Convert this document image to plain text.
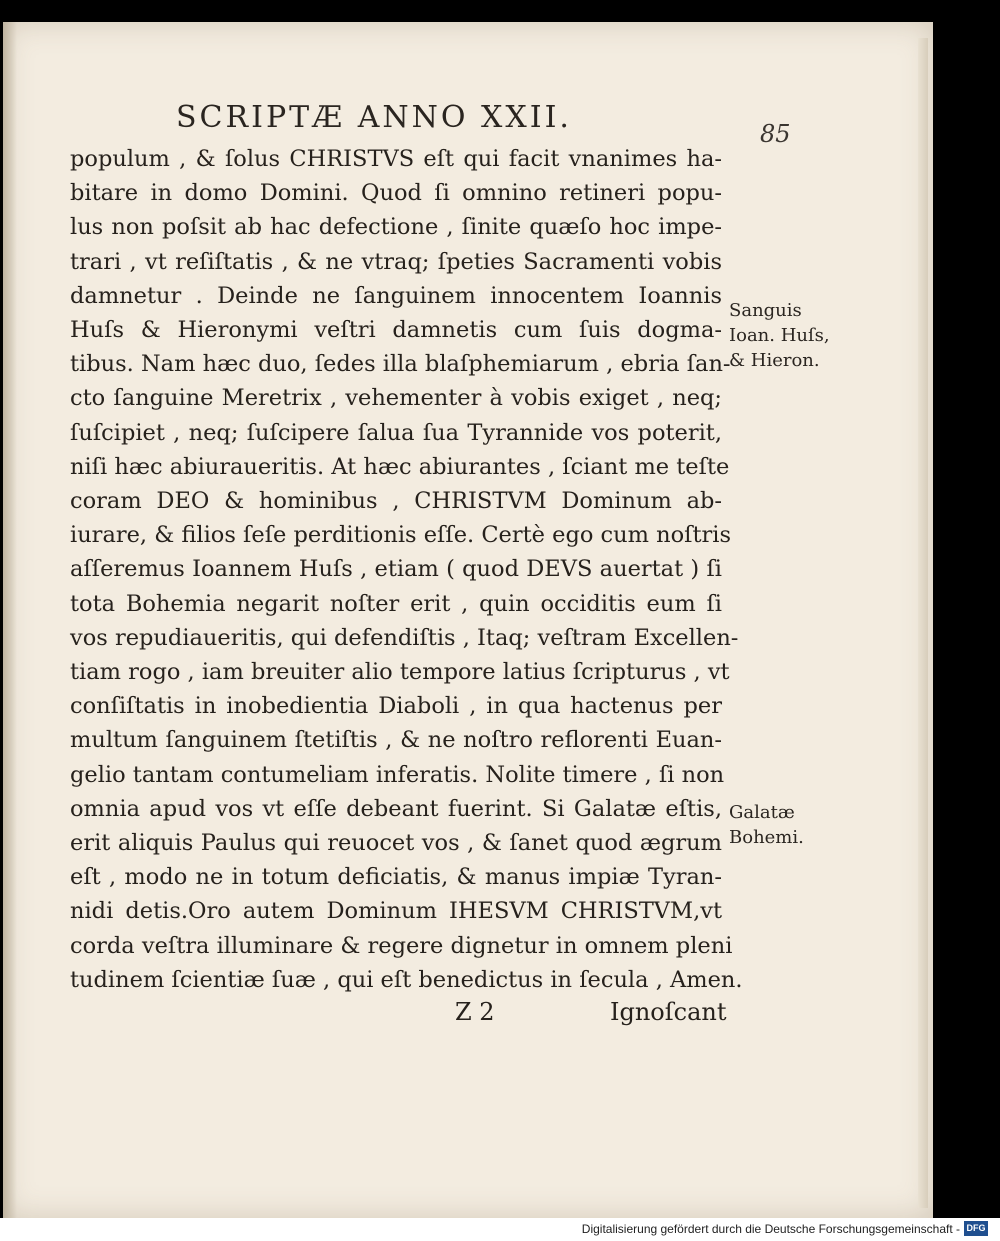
SCRIPTÆ ANNO XXII.	85
populum , & ſolus CHRISTVS eſt qui facit vnanimes ha-
bitare in domo Domini. Quod ſi omnino retineri popu-
lus non poſsit ab hac defectione , ſinite quæſo hoc impe-
trari , vt reſiſtatis , & ne vtraq; ſpeties Sacramenti vobis
damnetur . Deinde ne ſanguinem innocentem Ioannis
Huſs & Hieronymi veſtri damnetis cum ſuis dogma-
tibus. Nam hæc duo, ſedes illa blaſphemiarum , ebria ſan-
cto ſanguine Meretrix , vehementer à vobis exiget , neq;
ſuſcipiet , neq; ſuſcipere ſalua ſua Tyrannide vos poterit,
niſi hæc abiuraueritis. At hæc abiurantes , ſciant me teſte
coram DEO & hominibus , CHRISTVM Dominum ab-
iurare, & filios ſeſe perditionis eſſe. Certè ego cum noſtris
aſſeremus Ioannem Huſs , etiam ( quod DEVS auertat ) ſi
tota Bohemia negarit noſter erit , quin occiditis eum ſi
vos repudiaueritis, qui defendiſtis , Itaq; veſtram Excellen-
tiam rogo , iam breuiter alio tempore latius ſcripturus , vt
conſiſtatis in inobedientia Diaboli , in qua hactenus per
multum ſanguinem ſtetiſtis , & ne noſtro reflorenti Euan-
gelio tantam contumeliam inferatis. Nolite timere , ſi non
omnia apud vos vt eſſe debeant fuerint. Si Galatæ eſtis,
erit aliquis Paulus qui reuocet vos , & ſanet quod ægrum
eſt , modo ne in totum deficiatis, & manus impiæ Tyran-
nidi detis.Oro autem Dominum IHESVM CHRISTVM,vt
corda veſtra illuminare & regere dignetur in omnem pleni
tudinem ſcientiæ ſuæ , qui eſt benedictus in ſecula , Amen.
Sanguis
Ioan. Huſs,
& Hieron.
Galatæ
Bohemi.
Z 2	Ignoſcant
Digitalisierung gefördert durch die Deutsche Forschungsgemeinschaft - DFG
